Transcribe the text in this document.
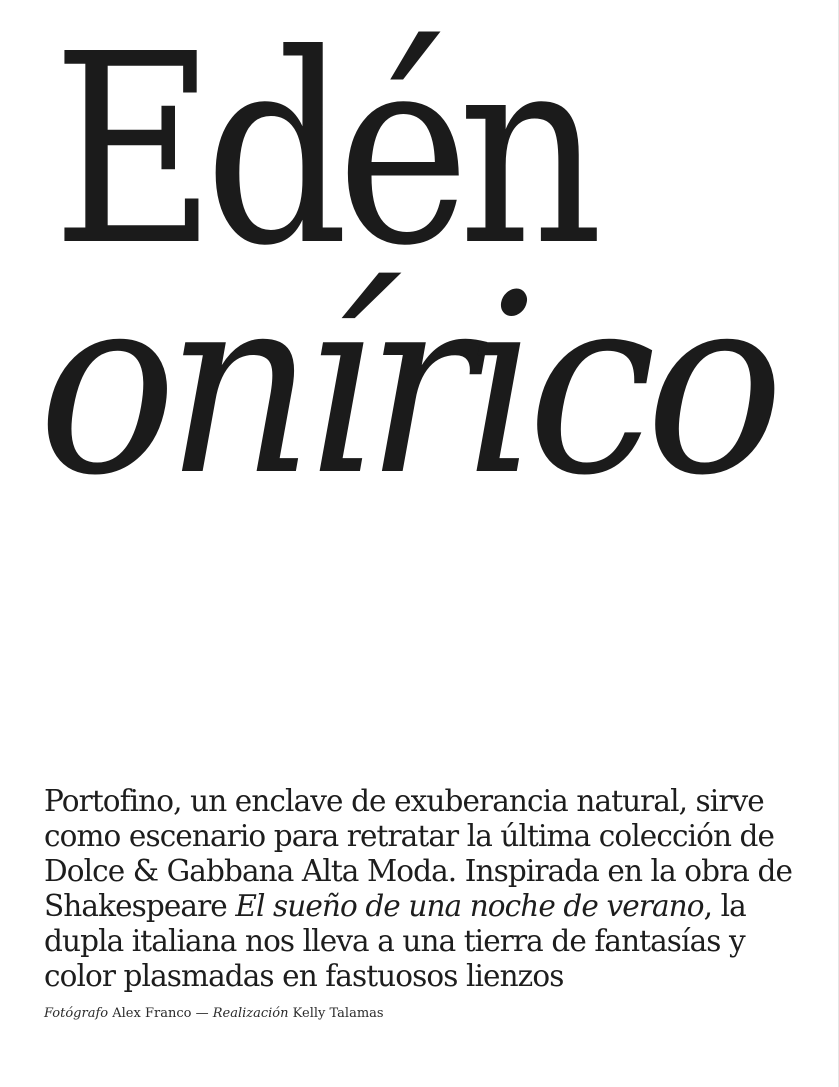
Edén
onírico

Portofino, un enclave de exuberancia natural, sirve como escenario para retratar la última colección de Dolce & Gabbana Alta Moda. Inspirada en la obra de Shakespeare El sueño de una noche de verano, la dupla italiana nos lleva a una tierra de fantasías y color plasmadas en fastuosos lienzos

Fotógrafo Alex Franco — Realización Kelly Talamas
